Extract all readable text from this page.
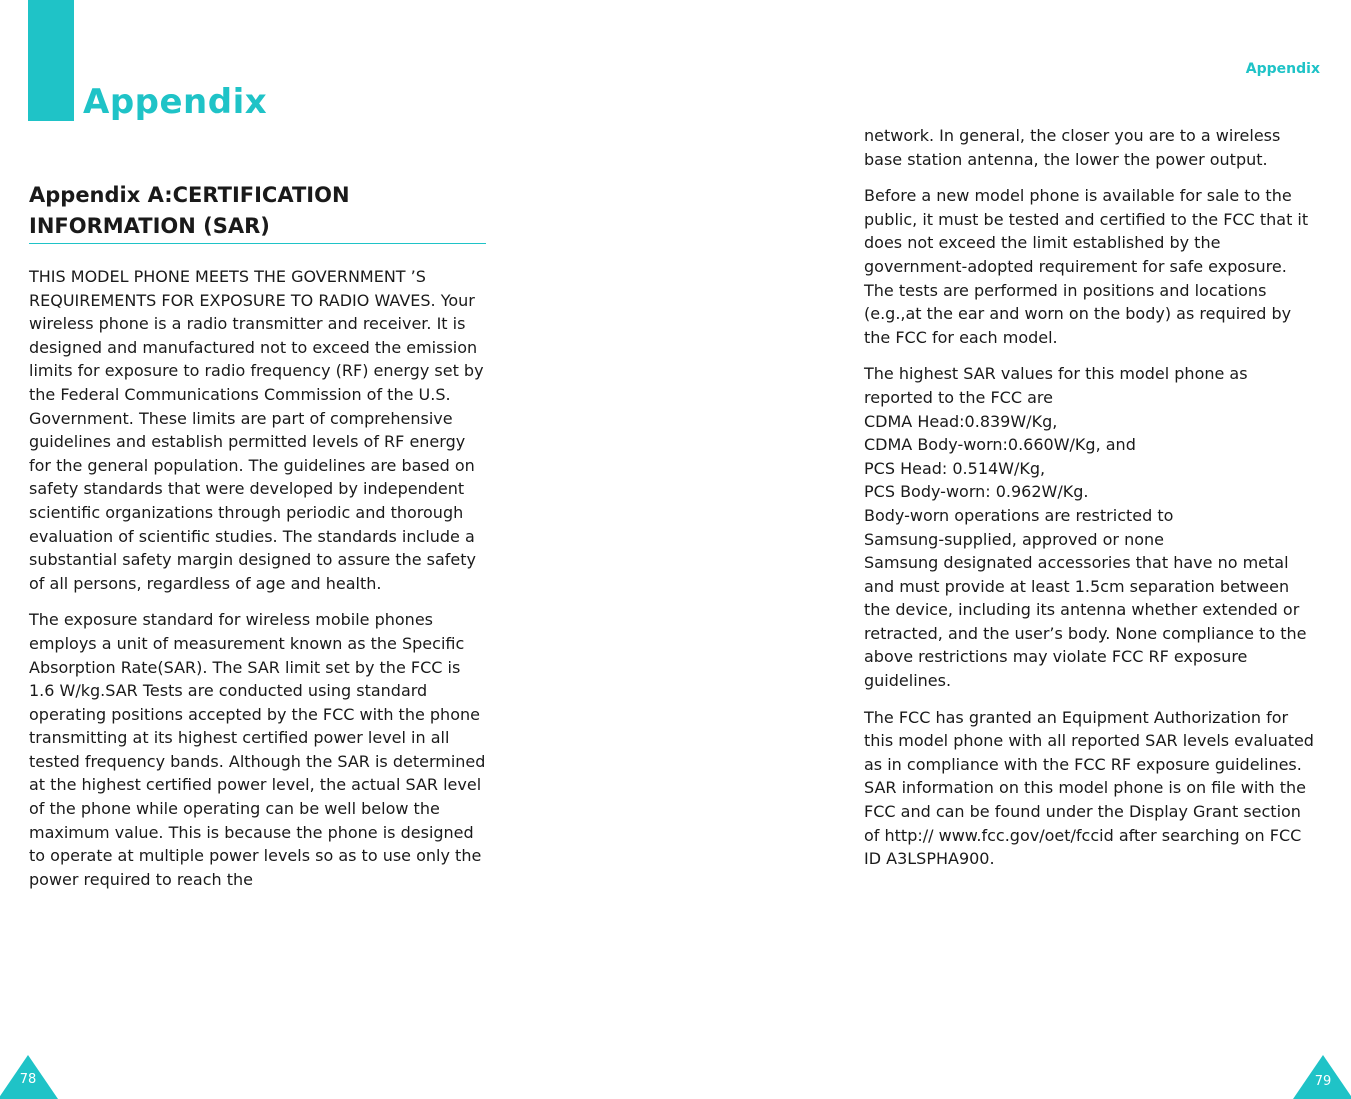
Appendix
Appendix
Appendix A:CERTIFICATION INFORMATION (SAR)

THIS MODEL PHONE MEETS THE GOVERNMENT ’S REQUIREMENTS FOR EXPOSURE TO RADIO WAVES. Your wireless phone is a radio transmitter and receiver. It is designed and manufactured not to exceed the emission limits for exposure to radio frequency (RF) energy set by the Federal Communications Commission of the U.S. Government. These limits are part of comprehensive guidelines and establish permitted levels of RF energy for the general population. The guidelines are based on safety standards that were developed by independent scientific organizations through periodic and thorough evaluation of scientific studies. The standards include a substantial safety margin designed to assure the safety of all persons, regardless of age and health.

The exposure standard for wireless mobile phones employs a unit of measurement known as the Specific Absorption Rate(SAR). The SAR limit set by the FCC is 1.6 W/kg.SAR Tests are conducted using standard operating positions accepted by the FCC with the phone transmitting at its highest certified power level in all tested frequency bands. Although the SAR is determined at the highest certified power level, the actual SAR level of the phone while operating can be well below the maximum value. This is because the phone is designed to operate at multiple power levels so as to use only the power required to reach the

network. In general, the closer you are to a wireless base station antenna, the lower the power output.

Before a new model phone is available for sale to the public, it must be tested and certified to the FCC that it does not exceed the limit established by the government-adopted requirement for safe exposure. The tests are performed in positions and locations (e.g.,at the ear and worn on the body) as required by the FCC for each model.

The highest SAR values for this model phone as reported to the FCC are
CDMA Head:0.839W/Kg,
CDMA Body-worn:0.660W/Kg, and
PCS Head: 0.514W/Kg,
PCS Body-worn: 0.962W/Kg.
Body-worn operations are restricted to
Samsung-supplied, approved or none
Samsung designated accessories that have no metal and must provide at least 1.5cm separation between the device, including its antenna whether extended or retracted, and the user’s body. None compliance to the above restrictions may violate FCC RF exposure guidelines.

The FCC has granted an Equipment Authorization for this model phone with all reported SAR levels evaluated as in compliance with the FCC RF exposure guidelines. SAR information on this model phone is on file with the FCC and can be found under the Display Grant section of http:// www.fcc.gov/oet/fccid after searching on FCC ID A3LSPHA900.

78	79
